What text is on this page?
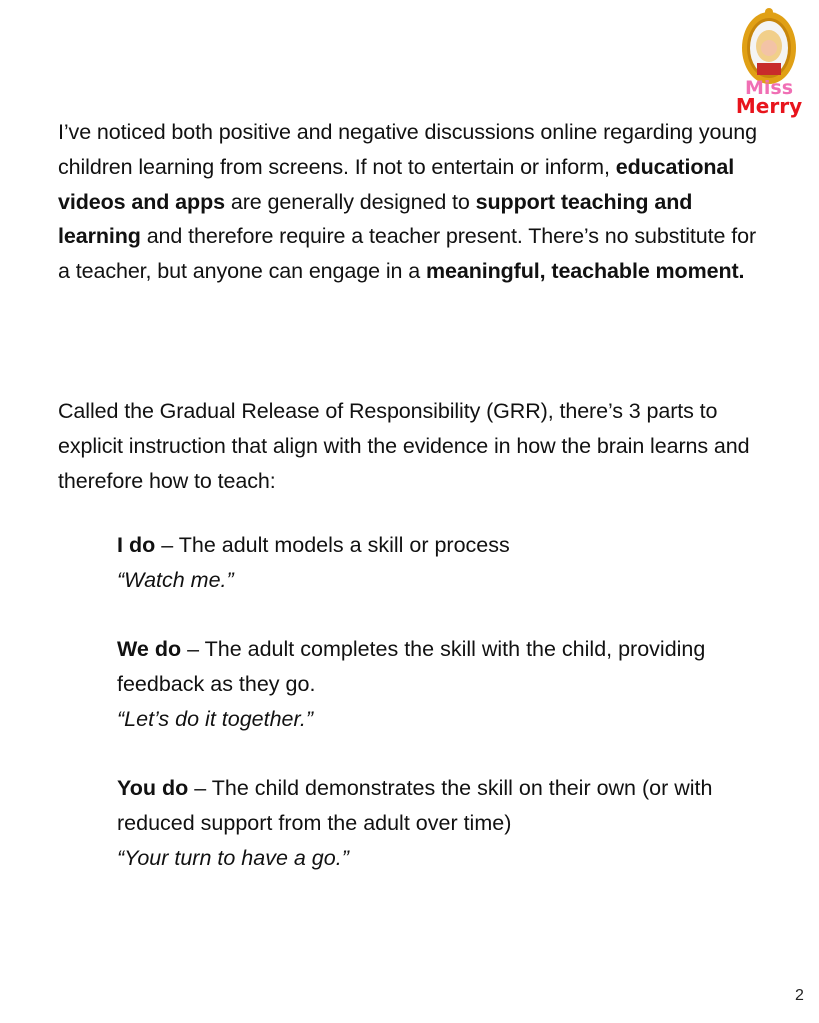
Miss
Merry
I’ve noticed both positive and negative discussions online regarding young children learning from screens. If not to entertain or inform, educational videos and apps are generally designed to support teaching and learning and therefore require a teacher present. There’s no substitute for a teacher, but anyone can engage in a meaningful, teachable moment.
Called the Gradual Release of Responsibility (GRR), there’s 3 parts to explicit instruction that align with the evidence in how the brain learns and therefore how to teach:
I do – The adult models a skill or process
“Watch me.”
We do – The adult completes the skill with the child, providing feedback as they go.
“Let’s do it together.”
You do – The child demonstrates the skill on their own (or with reduced support from the adult over time)
“Your turn to have a go.”
2
